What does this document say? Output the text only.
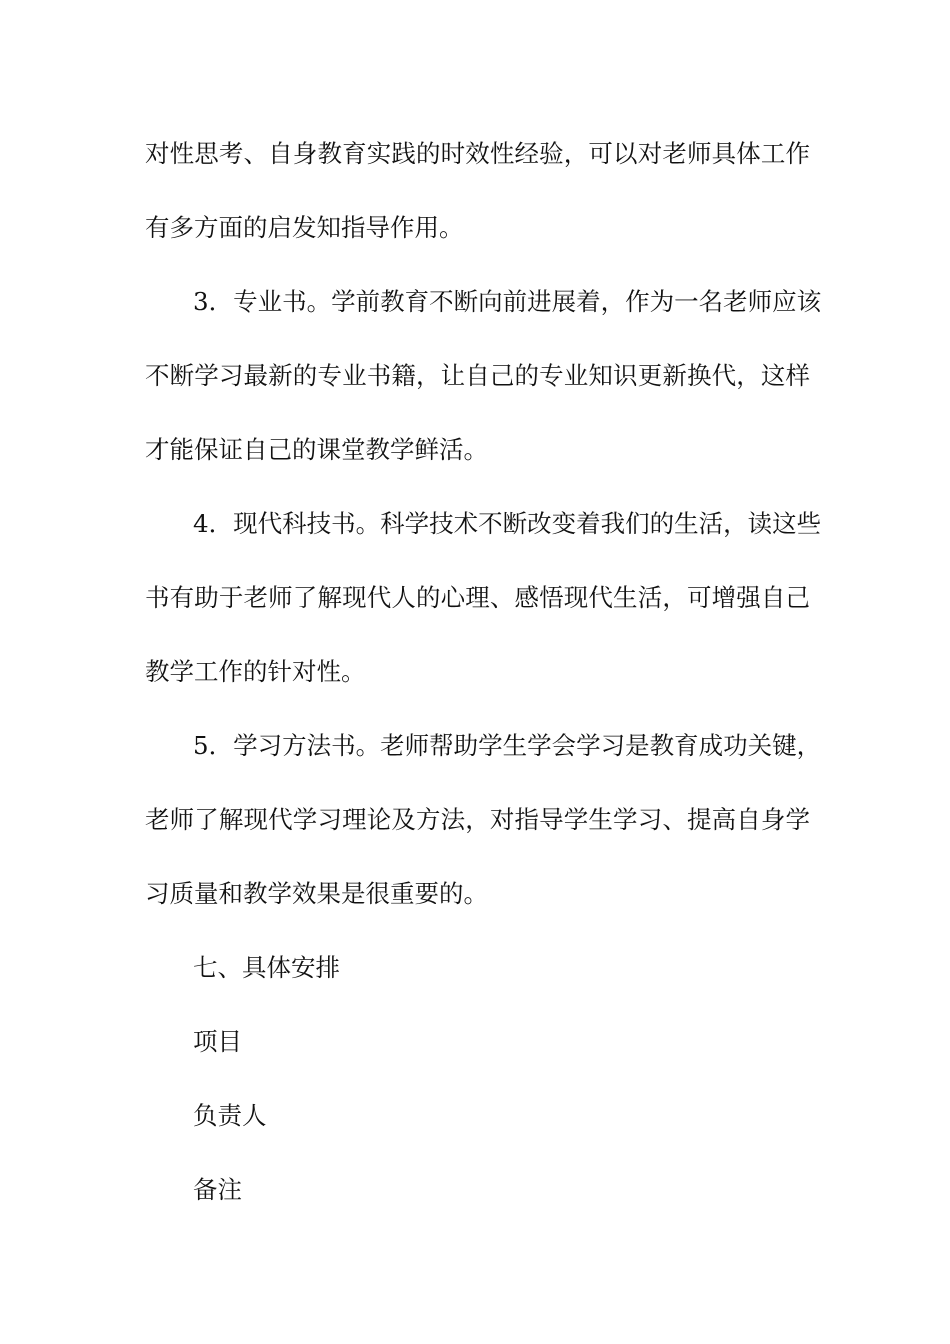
对性思考、自身教育实践的时效性经验，可以对老师具体工作
有多方面的启发知指导作用。
3．专业书。学前教育不断向前进展着，作为一名老师应该
不断学习最新的专业书籍，让自己的专业知识更新换代，这样
才能保证自己的课堂教学鲜活。
4．现代科技书。科学技术不断改变着我们的生活，读这些
书有助于老师了解现代人的心理、感悟现代生活，可增强自己
教学工作的针对性。
5．学习方法书。老师帮助学生学会学习是教育成功关键，
老师了解现代学习理论及方法，对指导学生学习、提高自身学
习质量和教学效果是很重要的。
七、具体安排
项目
负责人
备注
